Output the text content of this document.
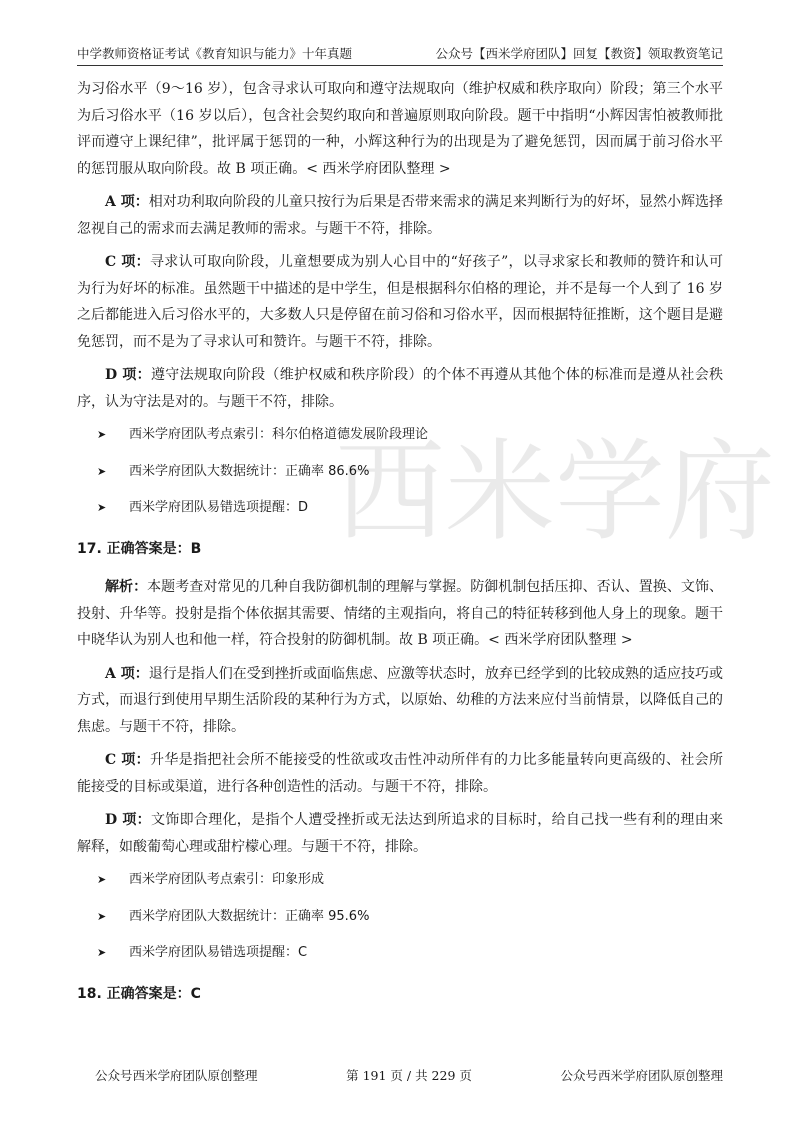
中学教师资格证考试《教育知识与能力》十年真题	公众号【西米学府团队】回复【教资】领取教资笔记
西米学府

为习俗水平（9～16 岁），包含寻求认可取向和遵守法规取向（维护权威和秩序取向）阶段；第三个水平为后习俗水平（16 岁以后），包含社会契约取向和普遍原则取向阶段。题干中指明“小辉因害怕被教师批评而遵守上课纪律”，批评属于惩罚的一种，小辉这种行为的出现是为了避免惩罚，因而属于前习俗水平的惩罚服从取向阶段。故 B 项正确。< 西米学府团队整理 >

A 项：相对功利取向阶段的儿童只按行为后果是否带来需求的满足来判断行为的好坏，显然小辉选择忽视自己的需求而去满足教师的需求。与题干不符，排除。

C 项：寻求认可取向阶段，儿童想要成为别人心目中的“好孩子”，以寻求家长和教师的赞许和认可为行为好坏的标准。虽然题干中描述的是中学生，但是根据科尔伯格的理论，并不是每一个人到了 16 岁之后都能进入后习俗水平的，大多数人只是停留在前习俗和习俗水平，因而根据特征推断，这个题目是避免惩罚，而不是为了寻求认可和赞许。与题干不符，排除。

D 项：遵守法规取向阶段（维护权威和秩序阶段）的个体不再遵从其他个体的标准而是遵从社会秩序，认为守法是对的。与题干不符，排除。

➤	西米学府团队考点索引：科尔伯格道德发展阶段理论
➤	西米学府团队大数据统计：正确率 86.6%
➤	西米学府团队易错选项提醒：D
17. 正确答案是：B

解析：本题考查对常见的几种自我防御机制的理解与掌握。防御机制包括压抑、否认、置换、文饰、投射、升华等。投射是指个体依据其需要、情绪的主观指向，将自己的特征转移到他人身上的现象。题干中晓华认为别人也和他一样，符合投射的防御机制。故 B 项正确。< 西米学府团队整理 >

A 项：退行是指人们在受到挫折或面临焦虑、应激等状态时，放弃已经学到的比较成熟的适应技巧或方式，而退行到使用早期生活阶段的某种行为方式，以原始、幼稚的方法来应付当前情景，以降低自己的焦虑。与题干不符，排除。

C 项：升华是指把社会所不能接受的性欲或攻击性冲动所伴有的力比多能量转向更高级的、社会所能接受的目标或渠道，进行各种创造性的活动。与题干不符，排除。

D 项：文饰即合理化，是指个人遭受挫折或无法达到所追求的目标时，给自己找一些有利的理由来解释，如酸葡萄心理或甜柠檬心理。与题干不符，排除。

➤	西米学府团队考点索引：印象形成
➤	西米学府团队大数据统计：正确率 95.6%
➤	西米学府团队易错选项提醒：C
18. 正确答案是：C
公众号西米学府团队原创整理	第 191 页 / 共 229 页	公众号西米学府团队原创整理
